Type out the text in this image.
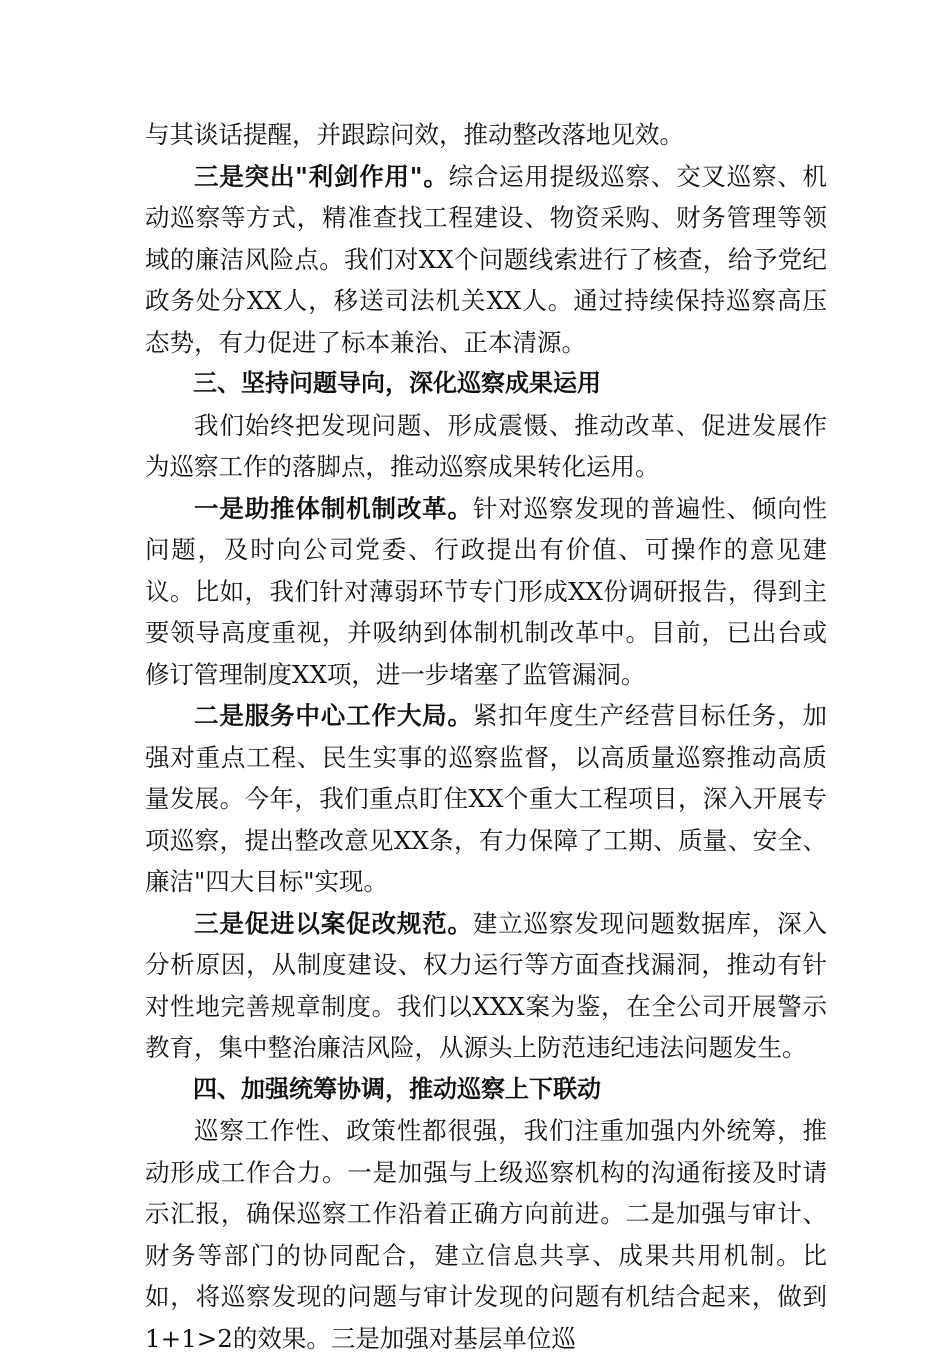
与其谈话提醒，并跟踪问效，推动整改落地见效。

三是突出"利剑作用"。综合运用提级巡察、交叉巡察、机动巡察等方式，精准查找工程建设、物资采购、财务管理等领域的廉洁风险点。我们对XX个问题线索进行了核查，给予党纪政务处分XX人，移送司法机关XX人。通过持续保持巡察高压态势，有力促进了标本兼治、正本清源。

三、坚持问题导向，深化巡察成果运用

我们始终把发现问题、形成震慑、推动改革、促进发展作为巡察工作的落脚点，推动巡察成果转化运用。

一是助推体制机制改革。针对巡察发现的普遍性、倾向性问题，及时向公司党委、行政提出有价值、可操作的意见建议。比如，我们针对薄弱环节专门形成XX份调研报告，得到主要领导高度重视，并吸纳到体制机制改革中。目前，已出台或修订管理制度XX项，进一步堵塞了监管漏洞。

二是服务中心工作大局。紧扣年度生产经营目标任务，加强对重点工程、民生实事的巡察监督，以高质量巡察推动高质量发展。今年，我们重点盯住XX个重大工程项目，深入开展专项巡察，提出整改意见XX条，有力保障了工期、质量、安全、廉洁"四大目标"实现。

三是促进以案促改规范。建立巡察发现问题数据库，深入分析原因，从制度建设、权力运行等方面查找漏洞，推动有针对性地完善规章制度。我们以XXX案为鉴，在全公司开展警示教育，集中整治廉洁风险，从源头上防范违纪违法问题发生。

四、加强统筹协调，推动巡察上下联动

巡察工作性、政策性都很强，我们注重加强内外统筹，推动形成工作合力。一是加强与上级巡察机构的沟通衔接及时请示汇报，确保巡察工作沿着正确方向前进。二是加强与审计、财务等部门的协同配合，建立信息共享、成果共用机制。比如，将巡察发现的问题与审计发现的问题有机结合起来，做到1+1>2的效果。三是加强对基层单位巡
